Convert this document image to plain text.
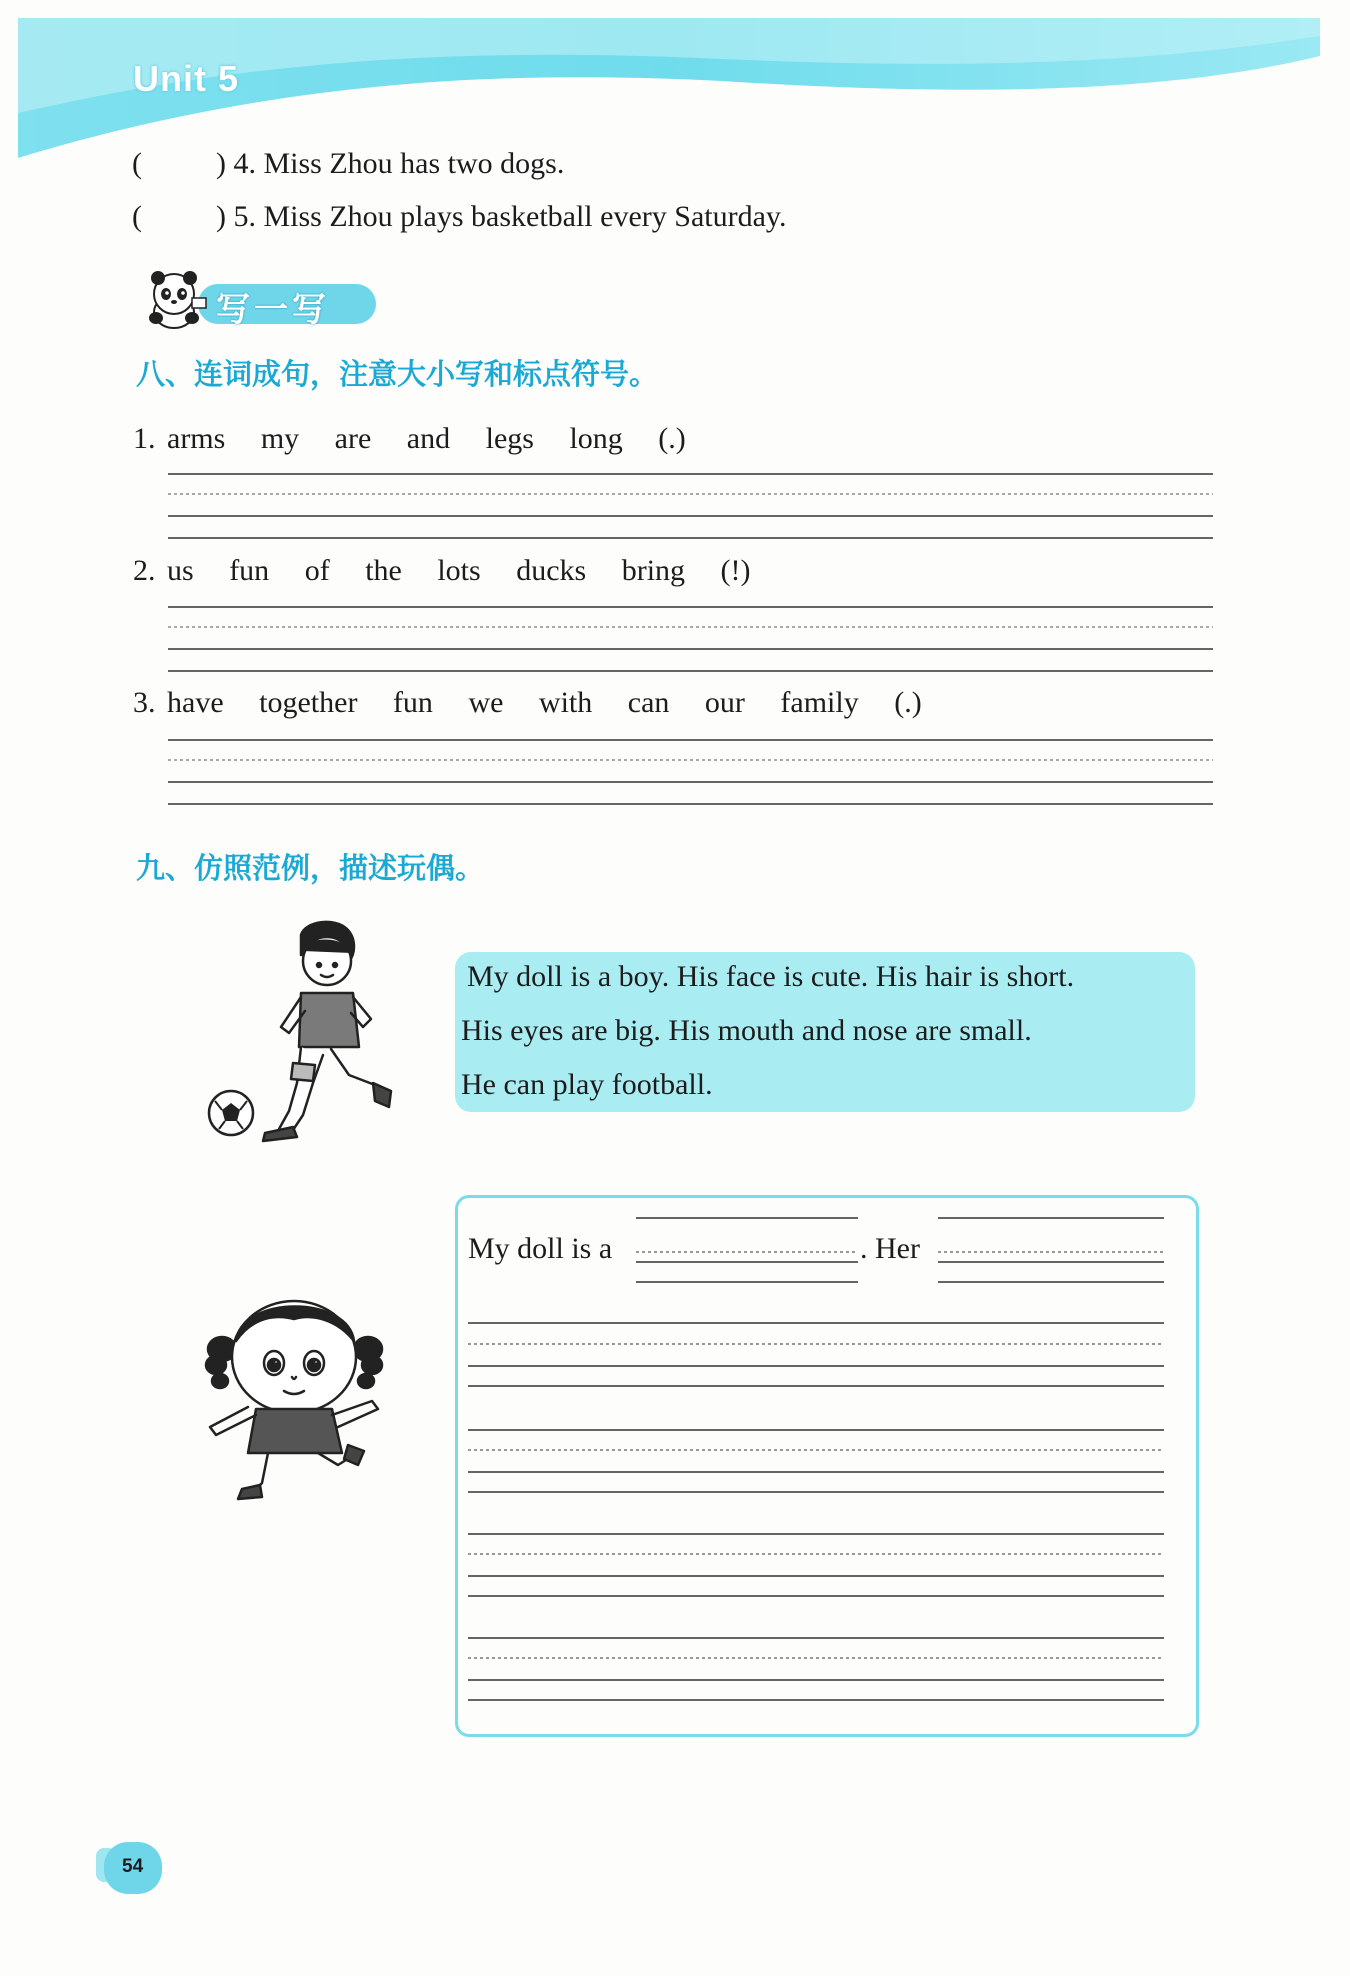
Unit 5
( ) 4. Miss Zhou has two dogs.
( ) 5. Miss Zhou plays basketball every Saturday.
写一写
八、连词成句，注意大小写和标点符号。
1. arms my are and legs long (.)
2. us fun of the lots ducks bring (!)
3. have together fun we with can our family (.)
九、仿照范例，描述玩偶。
My doll is a boy. His face is cute. His hair is short.
His eyes are big. His mouth and nose are small.
He can play football.
My doll is a	. Her
54
